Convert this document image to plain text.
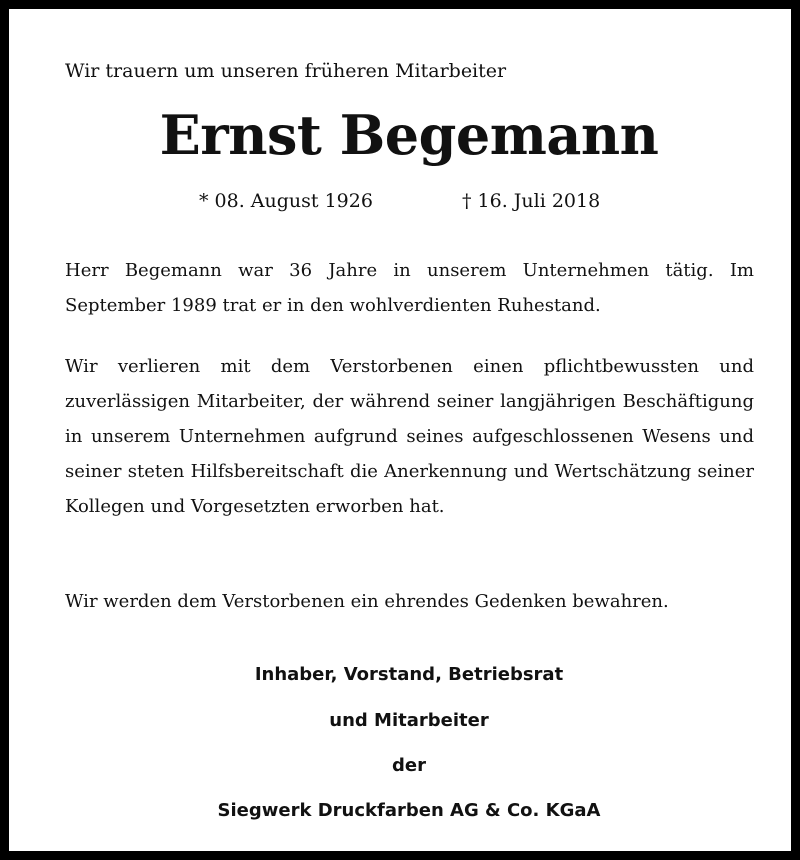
Wir trauern um unseren früheren Mitarbeiter
Ernst Begemann
* 08. August 1926	† 16. Juli 2018
Herr Begemann war 36 Jahre in unserem Unternehmen tätig. Im September 1989 trat er in den wohlverdienten Ruhestand.
Wir verlieren mit dem Verstorbenen einen pflichtbewussten und zuverlässigen Mitarbeiter, der während seiner langjährigen Beschäftigung in unserem Unternehmen aufgrund seines aufgeschlossenen Wesens und seiner steten Hilfsbereitschaft die Anerkennung und Wertschätzung seiner Kollegen und Vorgesetzten erworben hat.
Wir werden dem Verstorbenen ein ehrendes Gedenken bewahren.
Inhaber, Vorstand, Betriebsrat
und Mitarbeiter
der
Siegwerk Druckfarben AG & Co. KGaA
